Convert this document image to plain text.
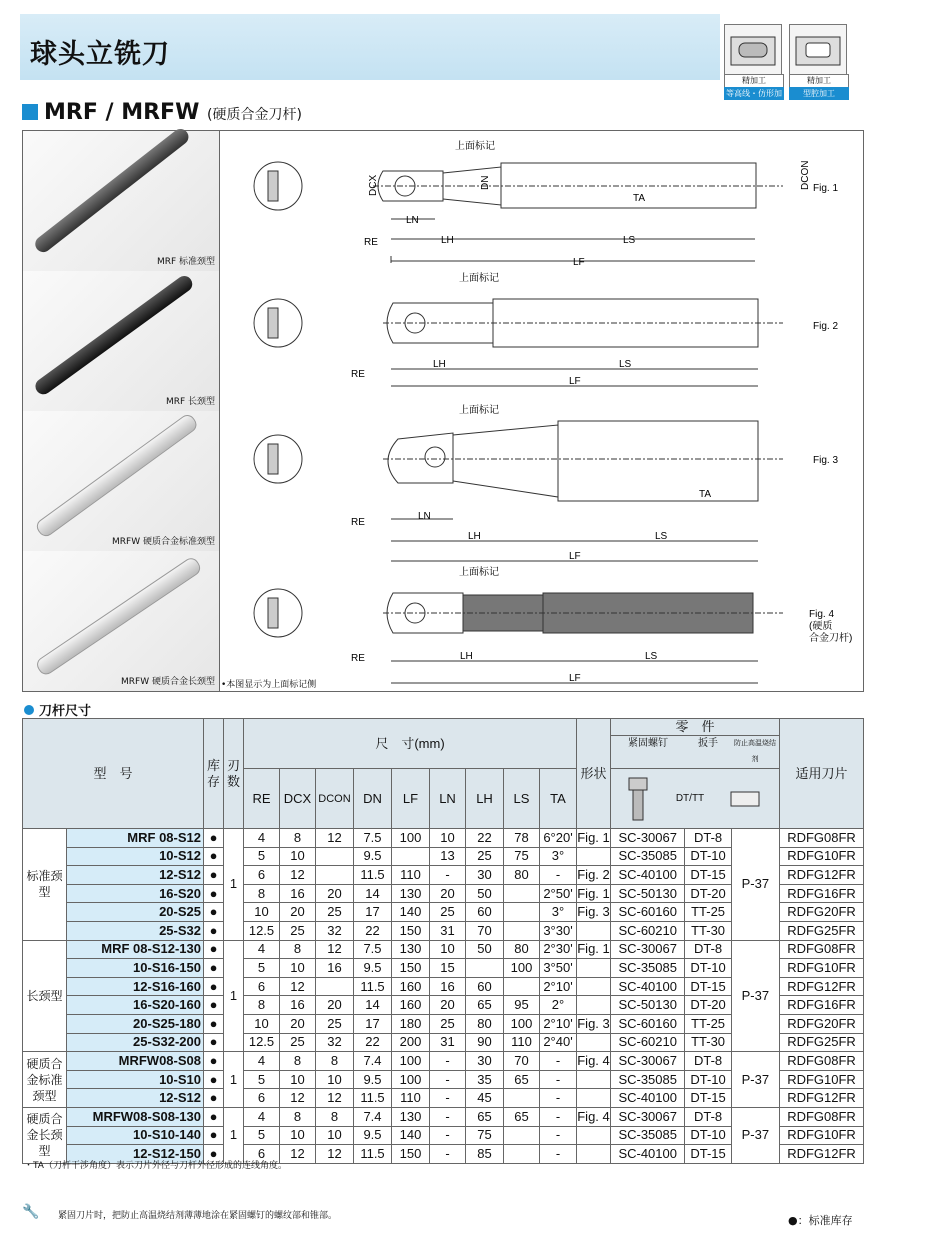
球头立铣刀
精加工
等高线・仿形加工
精加工
型腔加工
MRF / MRFW (硬质合金刀杆)
MRF 标准颈型
MRF 长颈型
MRFW 硬质合金标准颈型
MRFW 硬质合金长颈型 •本图显示为上面标记侧
RE
上面标记
LN
LH	LS
LF
TA
DN
DCX	DCON Fig. 1
上面标记
LH	LS
LF
RE
Fig. 2
上面标记
LN
LH	LS
LF
TA
RE
Fig. 3
上面标记
LH	LS
LF
RE
Fig. 4
(硬质
合金刀杆)
刀杆尺寸
型　号		库存	刃数	尺　寸(mm)									形状	零　件
紧固螺钉 扳手 防止高温烧结剂			适用刀片
				RE	DCX	DCON	DN	LF	LN	LH	LS	TA		DT/TT			

标准颈型	MRF 08-S12	●	1	4	8	12	7.5	100	10	22	78	6°20'	Fig. 1	SC-30067	DT-8	P-37	RDFG08FR
	10-S12	●		5	10		9.5		13	25	75	3°		SC-35085	DT-10		RDFG10FR
	12-S12	●		6	12		11.5	110	-	30	80	-	Fig. 2	SC-40100	DT-15		RDFG12FR
	16-S20	●		8	16	20	14	130	20	50		2°50'	Fig. 1	SC-50130	DT-20		RDFG16FR
	20-S25	●		10	20	25	17	140	25	60		3°	Fig. 3	SC-60160	TT-25		RDFG20FR
	25-S32	●		12.5	25	32	22	150	31	70		3°30'		SC-60210	TT-30		RDFG25FR
长颈型	MRF 08-S12-130	●	1	4	8	12	7.5	130	10	50	80	2°30'	Fig. 1	SC-30067	DT-8	P-37	RDFG08FR
	10-S16-150	●		5	10	16	9.5	150	15		100	3°50'		SC-35085	DT-10		RDFG10FR
	12-S16-160	●		6	12		11.5	160	16	60		2°10'		SC-40100	DT-15		RDFG12FR
	16-S20-160	●		8	16	20	14	160	20	65	95	2°		SC-50130	DT-20		RDFG16FR
	20-S25-180	●		10	20	25	17	180	25	80	100	2°10'	Fig. 3	SC-60160	TT-25		RDFG20FR
	25-S32-200	●		12.5	25	32	22	200	31	90	110	2°40'		SC-60210	TT-30		RDFG25FR
硬质合金标准颈型	MRFW08-S08	●	1	4	8	8	7.4	100	-	30	70	-	Fig. 4	SC-30067	DT-8	P-37	RDFG08FR
	10-S10	●		5	10	10	9.5	100	-	35	65	-		SC-35085	DT-10		RDFG10FR
	12-S12	●		6	12	12	11.5	110	-	45		-		SC-40100	DT-15		RDFG12FR
硬质合金长颈型	MRFW08-S08-130	●	1	4	8	8	7.4	130	-	65	65	-	Fig. 4	SC-30067	DT-8	P-37	RDFG08FR
	10-S10-140	●		5	10	10	9.5	140	-	75		-		SC-35085	DT-10		RDFG10FR
	12-S12-150	●		6	12	12	11.5	150	-	85		-		SC-40100	DT-15		RDFG12FR
・TA（刀杆干涉角度）表示刀片外径与刀杆外径形成的连线角度。
🔧 紧固刀片时，把防止高温烧结剂薄薄地涂在紧固螺钉的螺纹部和锥部。	●：标准库存
